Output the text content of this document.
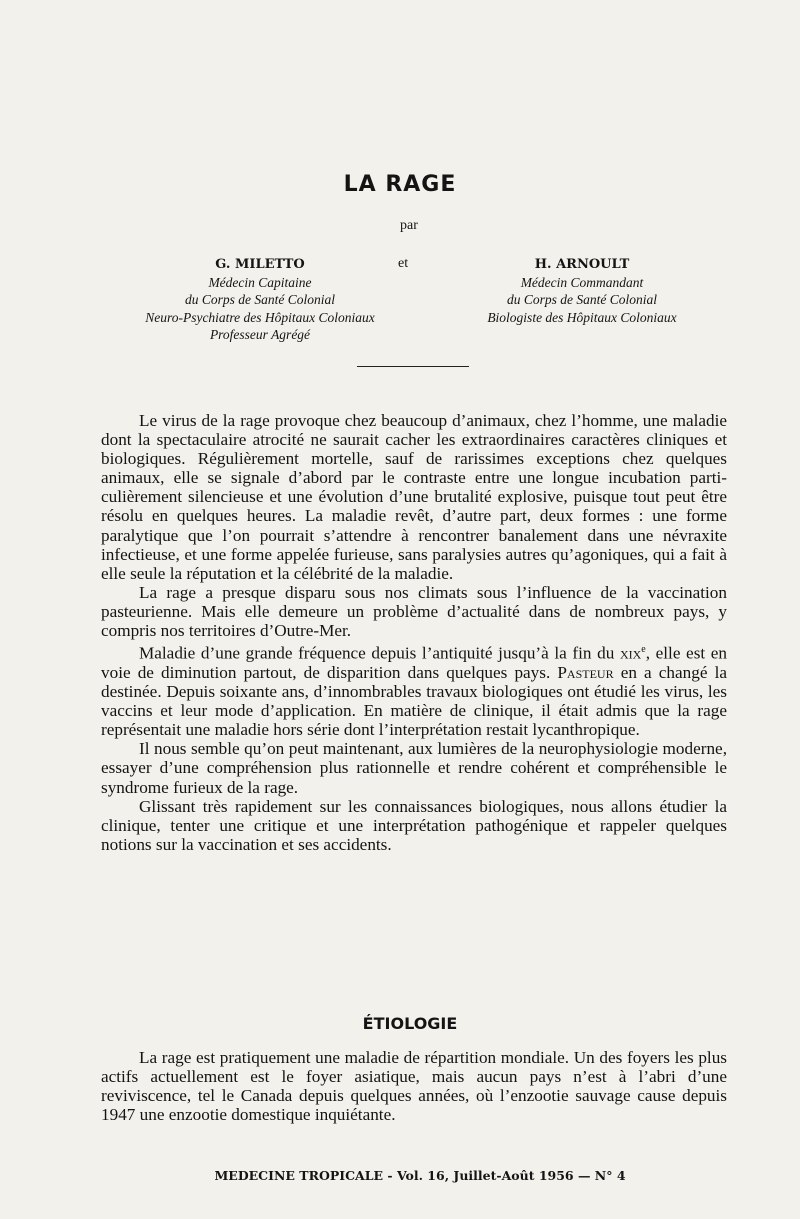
LA RAGE
par
G. MILETTO
Médecin Capitaine
du Corps de Santé Colonial
Neuro-Psychiatre des Hôpitaux Coloniaux
Professeur Agrégé
et	H. ARNOULT
Médecin Commandant
du Corps de Santé Colonial
Biologiste des Hôpitaux Coloniaux

Le virus de la rage provoque chez beaucoup d’animaux, chez l’homme, une maladie dont la spectaculaire atrocité ne saurait cacher les extraordinaires caractères cliniques et biologiques. Régulièrement mortelle, sauf de rarissimes exceptions chez quelques animaux, elle se signale d’abord par le contraste entre une longue incubation particulièrement silencieuse et une évolution d’une brutalité explosive, puisque tout peut être résolu en quelques heures. La maladie revêt, d’autre part, deux formes : une forme paralytique que l’on pourrait s’attendre à rencontrer banalement dans une névraxite infectieuse, et une forme appelée furieuse, sans paralysies autres qu’agoniques, qui a fait à elle seule la réputation et la célébrité de la maladie.

La rage a presque disparu sous nos climats sous l’influence de la vaccination pasteurienne. Mais elle demeure un problème d’actualité dans de nombreux pays, y compris nos territoires d’Outre-Mer.

Maladie d’une grande fréquence depuis l’antiquité jusqu’à la fin du xix$^e$, elle est en voie de diminution partout, de disparition dans quelques pays. Pasteur en a changé la destinée. Depuis soixante ans, d’innombrables travaux biologiques ont étudié les virus, les vaccins et leur mode d’application. En matière de clinique, il était admis que la rage représentait une maladie hors série dont l’interprétation restait lycanthropique.

Il nous semble qu’on peut maintenant, aux lumières de la neurophysiologie moderne, essayer d’une compréhension plus rationnelle et rendre cohérent et compréhensible le syndrome furieux de la rage.

Glissant très rapidement sur les connaissances biologiques, nous allons étudier la clinique, tenter une critique et une interprétation pathogénique et rappeler quelques notions sur la vaccination et ses accidents.

ÉTIOLOGIE

La rage est pratiquement une maladie de répartition mondiale. Un des foyers les plus actifs actuellement est le foyer asiatique, mais aucun pays n’est à l’abri d’une reviviscence, tel le Canada depuis quelques années, où l’enzootie sauvage cause depuis 1947 une enzootie domestique inquiétante.

MEDECINE TROPICALE - Vol. 16, Juillet-Août 1956 — N° 4
